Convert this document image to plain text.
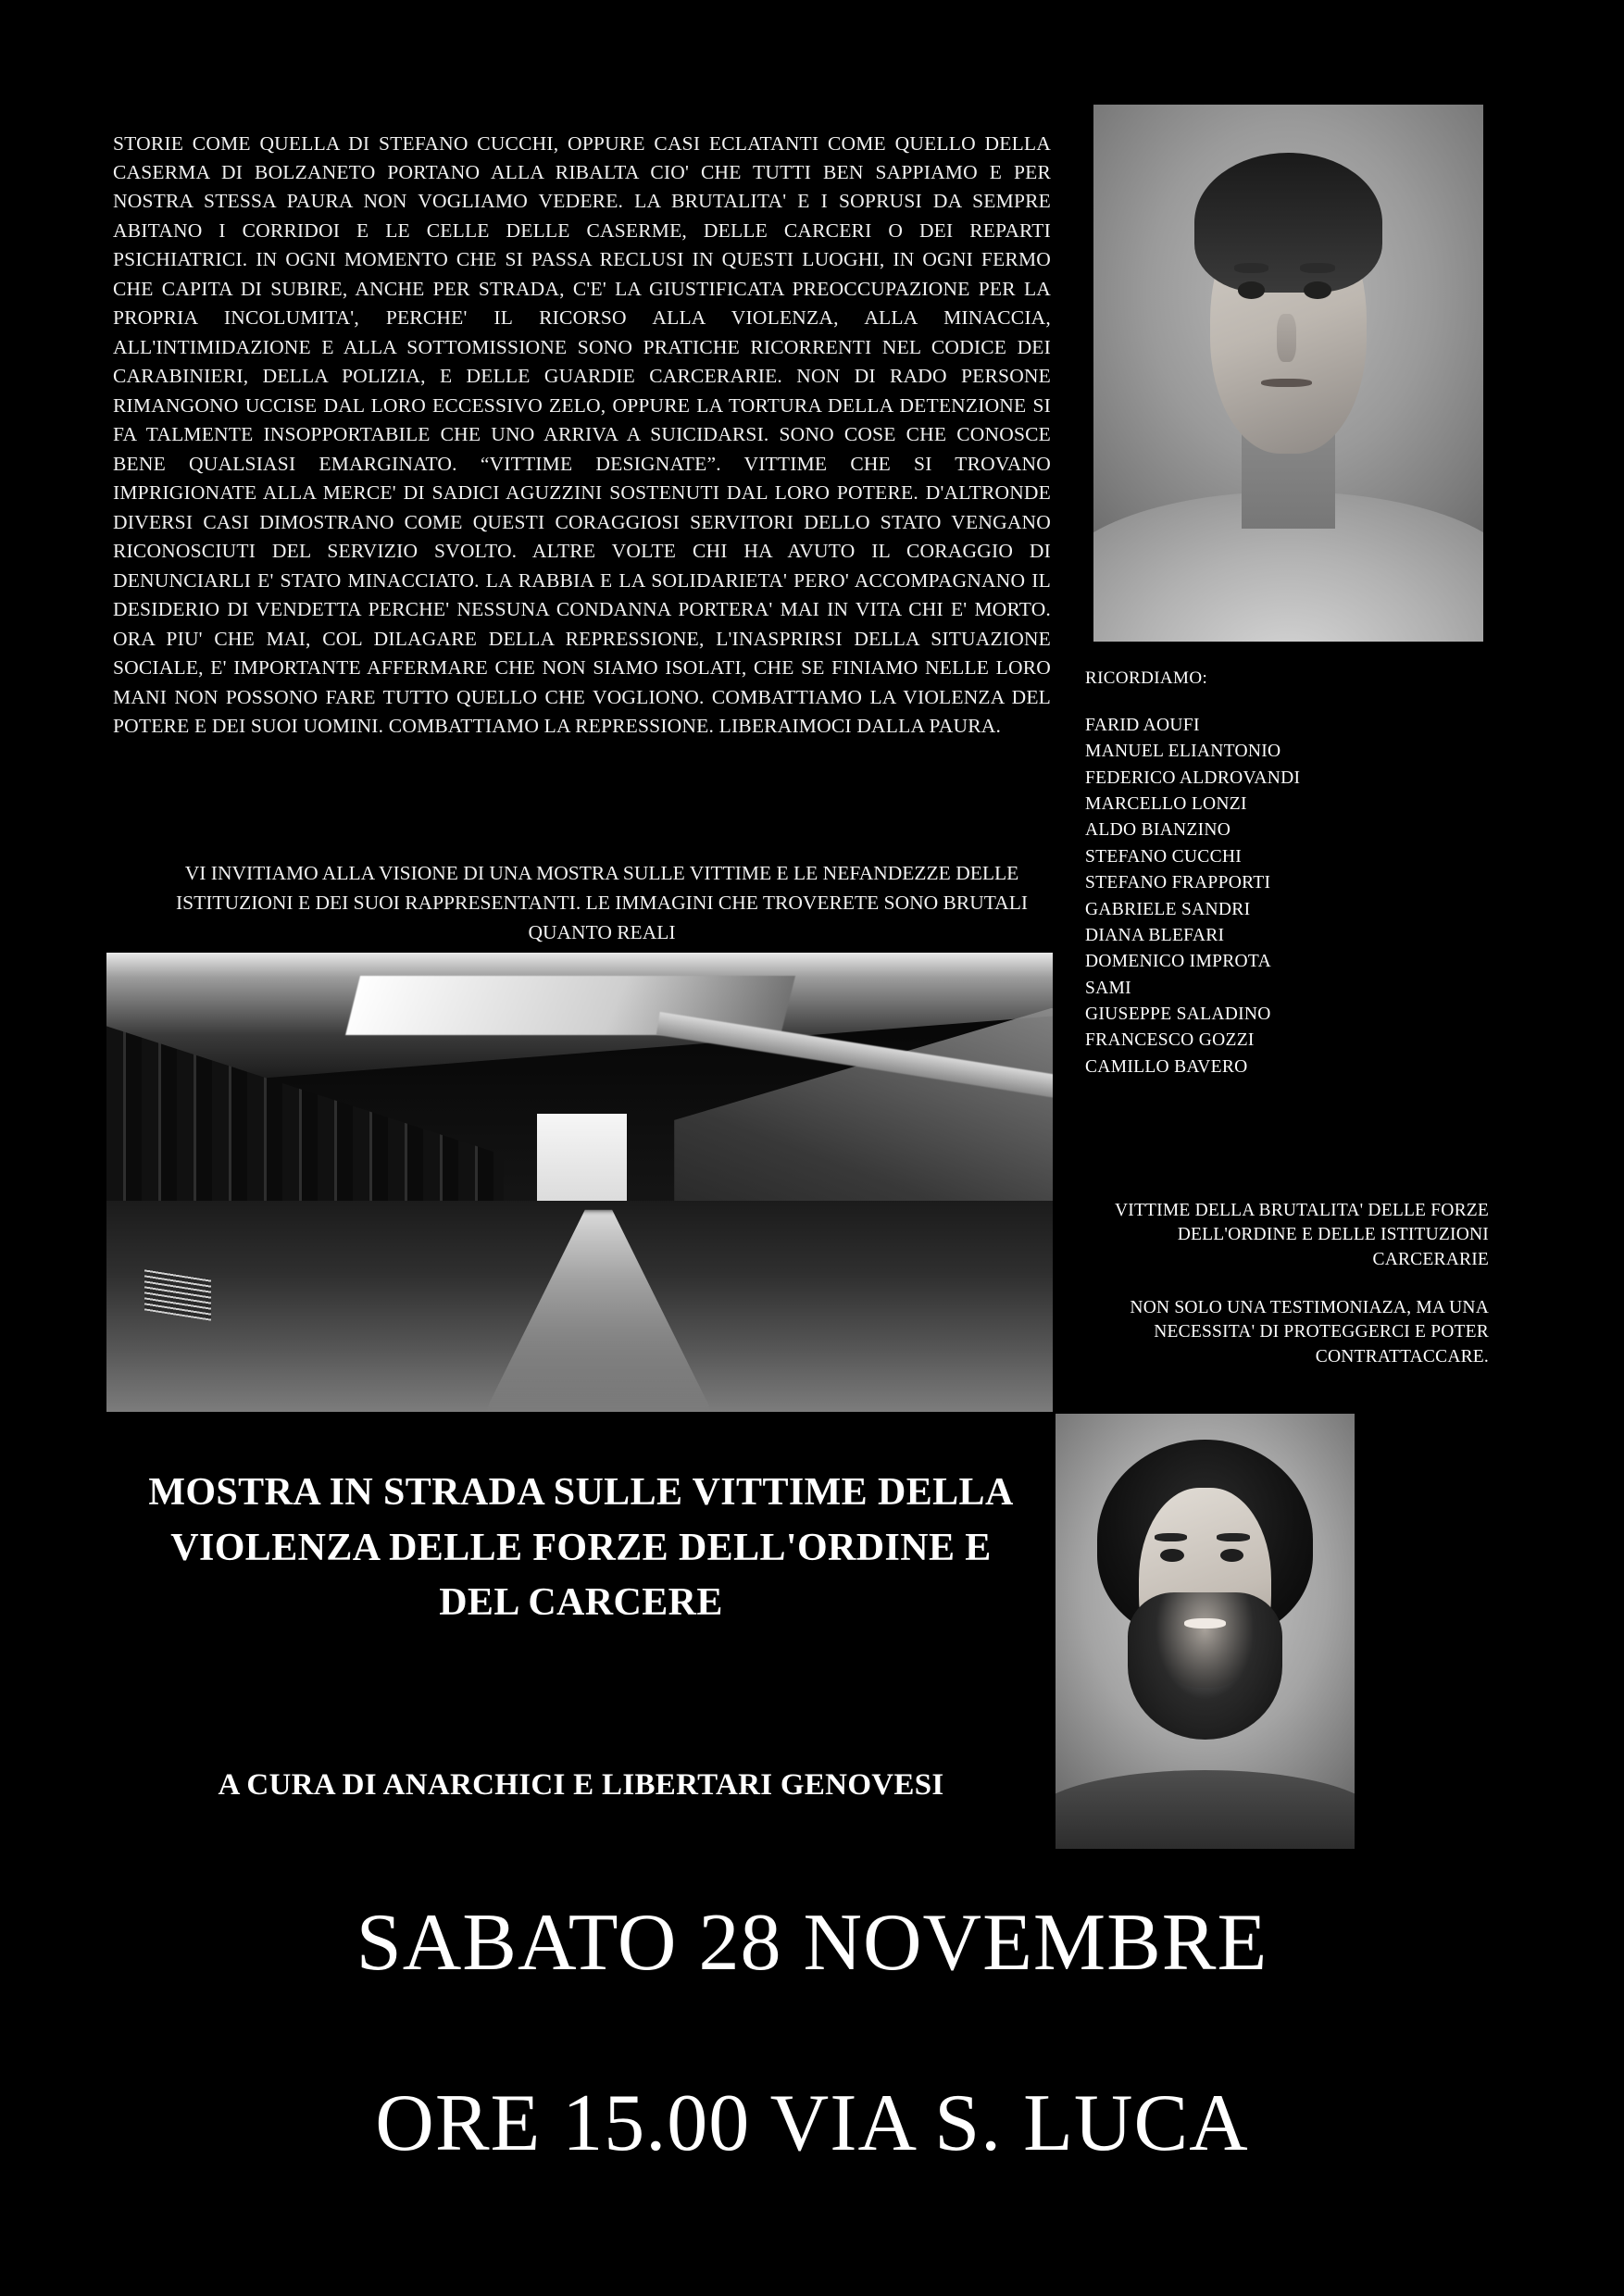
STORIE COME QUELLA DI STEFANO CUCCHI, OPPURE CASI ECLATANTI COME QUELLO DELLA CASERMA DI BOLZANETO PORTANO ALLA RIBALTA CIO' CHE TUTTI BEN SAPPIAMO E PER NOSTRA STESSA PAURA NON VOGLIAMO VEDERE. LA BRUTALITA' E I SOPRUSI DA SEMPRE ABITANO I CORRIDOI E LE CELLE DELLE CASERME, DELLE CARCERI O DEI REPARTI PSICHIATRICI. IN OGNI MOMENTO CHE SI PASSA RECLUSI IN QUESTI LUOGHI, IN OGNI FERMO CHE CAPITA DI SUBIRE, ANCHE PER STRADA, C'E' LA GIUSTIFICATA PREOCCUPAZIONE PER LA PROPRIA INCOLUMITA', PERCHE' IL RICORSO ALLA VIOLENZA, ALLA MINACCIA, ALL'INTIMIDAZIONE E ALLA SOTTOMISSIONE SONO PRATICHE RICORRENTI NEL CODICE DEI CARABINIERI, DELLA POLIZIA, E DELLE GUARDIE CARCERARIE. NON DI RADO PERSONE RIMANGONO UCCISE DAL LORO ECCESSIVO ZELO, OPPURE LA TORTURA DELLA DETENZIONE SI FA TALMENTE INSOPPORTABILE CHE UNO ARRIVA A SUICIDARSI. SONO COSE CHE CONOSCE BENE QUALSIASI EMARGINATO. “VITTIME DESIGNATE”. VITTIME CHE SI TROVANO IMPRIGIONATE ALLA MERCE' DI SADICI AGUZZINI SOSTENUTI DAL LORO POTERE. D'ALTRONDE DIVERSI CASI DIMOSTRANO COME QUESTI CORAGGIOSI SERVITORI DELLO STATO VENGANO RICONOSCIUTI DEL SERVIZIO SVOLTO. ALTRE VOLTE CHI HA AVUTO IL CORAGGIO DI DENUNCIARLI E' STATO MINACCIATO. LA RABBIA E LA SOLIDARIETA' PERO' ACCOMPAGNANO IL DESIDERIO DI VENDETTA PERCHE' NESSUNA CONDANNA PORTERA' MAI IN VITA CHI E' MORTO. ORA PIU' CHE MAI, COL DILAGARE DELLA REPRESSIONE, L'INASPRIRSI DELLA SITUAZIONE SOCIALE, E' IMPORTANTE AFFERMARE CHE NON SIAMO ISOLATI, CHE SE FINIAMO NELLE LORO MANI NON POSSONO FARE TUTTO QUELLO CHE VOGLIONO. COMBATTIAMO LA VIOLENZA DEL POTERE E DEI SUOI UOMINI. COMBATTIAMO LA REPRESSIONE. LIBERAIMOCI DALLA PAURA.

VI INVITIAMO ALLA VISIONE DI UNA MOSTRA SULLE VITTIME E LE NEFANDEZZE DELLE ISTITUZIONI E DEI SUOI RAPPRESENTANTI. LE IMMAGINI CHE TROVERETE SONO BRUTALI QUANTO REALI

RICORDIAMO:
FARID AOUFI
MANUEL ELIANTONIO
FEDERICO ALDROVANDI
MARCELLO LONZI
ALDO BIANZINO
STEFANO CUCCHI
STEFANO FRAPPORTI
GABRIELE SANDRI
DIANA BLEFARI
DOMENICO IMPROTA
SAMI
GIUSEPPE SALADINO
FRANCESCO GOZZI
CAMILLO BAVERO

VITTIME DELLA BRUTALITA' DELLE FORZE DELL'ORDINE E DELLE ISTITUZIONI CARCERARIE

NON SOLO UNA TESTIMONIAZA, MA UNA NECESSITA' DI PROTEGGERCI E POTER CONTRATTACCARE.

MOSTRA IN STRADA SULLE VITTIME DELLA VIOLENZA DELLE FORZE DELL'ORDINE E DEL CARCERE
A CURA DI ANARCHICI E LIBERTARI GENOVESI
SABATO 28 NOVEMBRE
ORE 15.00 VIA S. LUCA
